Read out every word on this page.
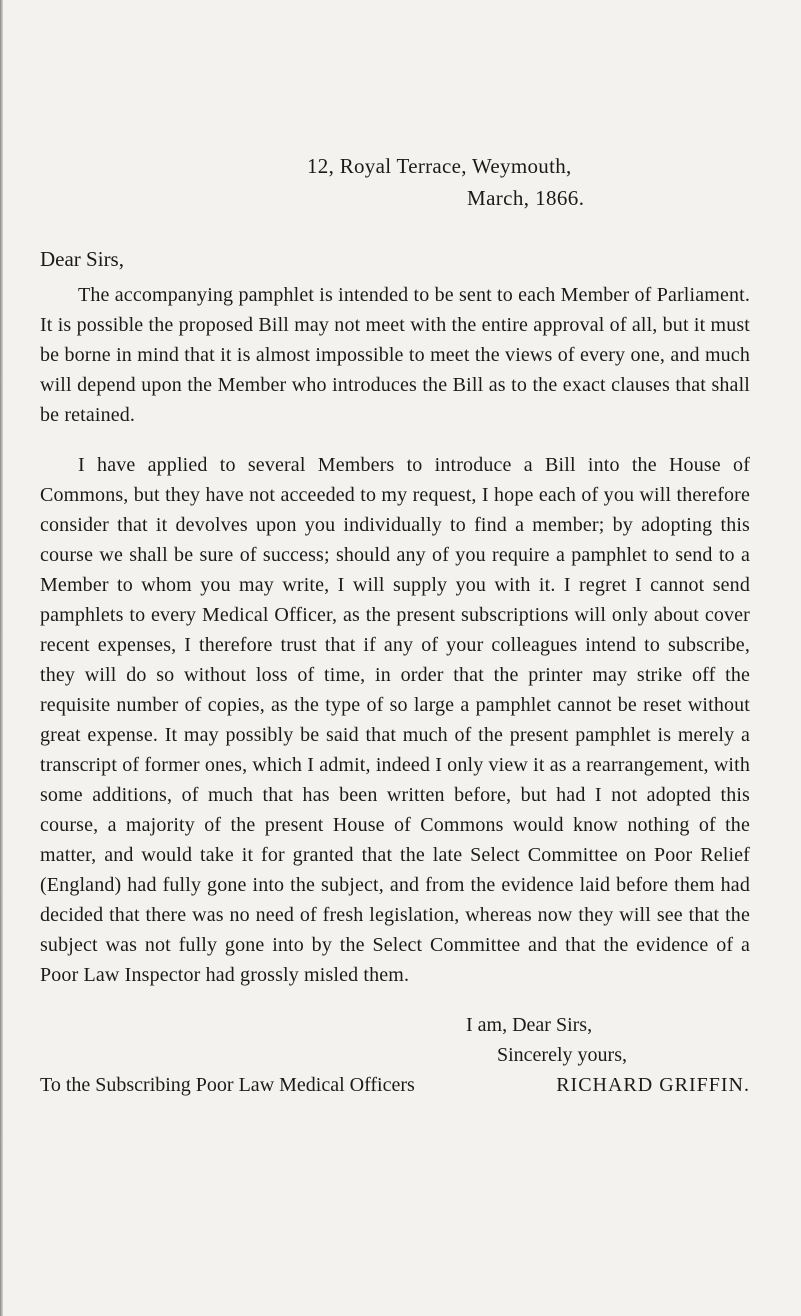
12, Royal Terrace, Weymouth,
March, 1866.
Dear Sirs,

The accompanying pamphlet is intended to be sent to each Member of Parliament. It is possible the proposed Bill may not meet with the entire approval of all, but it must be borne in mind that it is almost impossible to meet the views of every one, and much will depend upon the Member who introduces the Bill as to the exact clauses that shall be retained.

I have applied to several Members to introduce a Bill into the House of Commons, but they have not acceeded to my request, I hope each of you will therefore consider that it devolves upon you individually to find a member; by adopting this course we shall be sure of success; should any of you require a pamphlet to send to a Member to whom you may write, I will supply you with it. I regret I cannot send pamphlets to every Medical Officer, as the present subscriptions will only about cover recent expenses, I therefore trust that if any of your colleagues intend to subscribe, they will do so without loss of time, in order that the printer may strike off the requisite number of copies, as the type of so large a pamphlet cannot be reset without great expense. It may possibly be said that much of the present pamphlet is merely a transcript of former ones, which I admit, indeed I only view it as a rearrangement, with some additions, of much that has been written before, but had I not adopted this course, a majority of the present House of Commons would know nothing of the matter, and would take it for granted that the late Select Committee on Poor Relief (England) had fully gone into the subject, and from the evidence laid before them had decided that there was no need of fresh legislation, whereas now they will see that the subject was not fully gone into by the Select Committee and that the evidence of a Poor Law Inspector had grossly misled them.

I am, Dear Sirs,
Sincerely yours,
To the Subscribing Poor Law Medical Officers	RICHARD GRIFFIN.
